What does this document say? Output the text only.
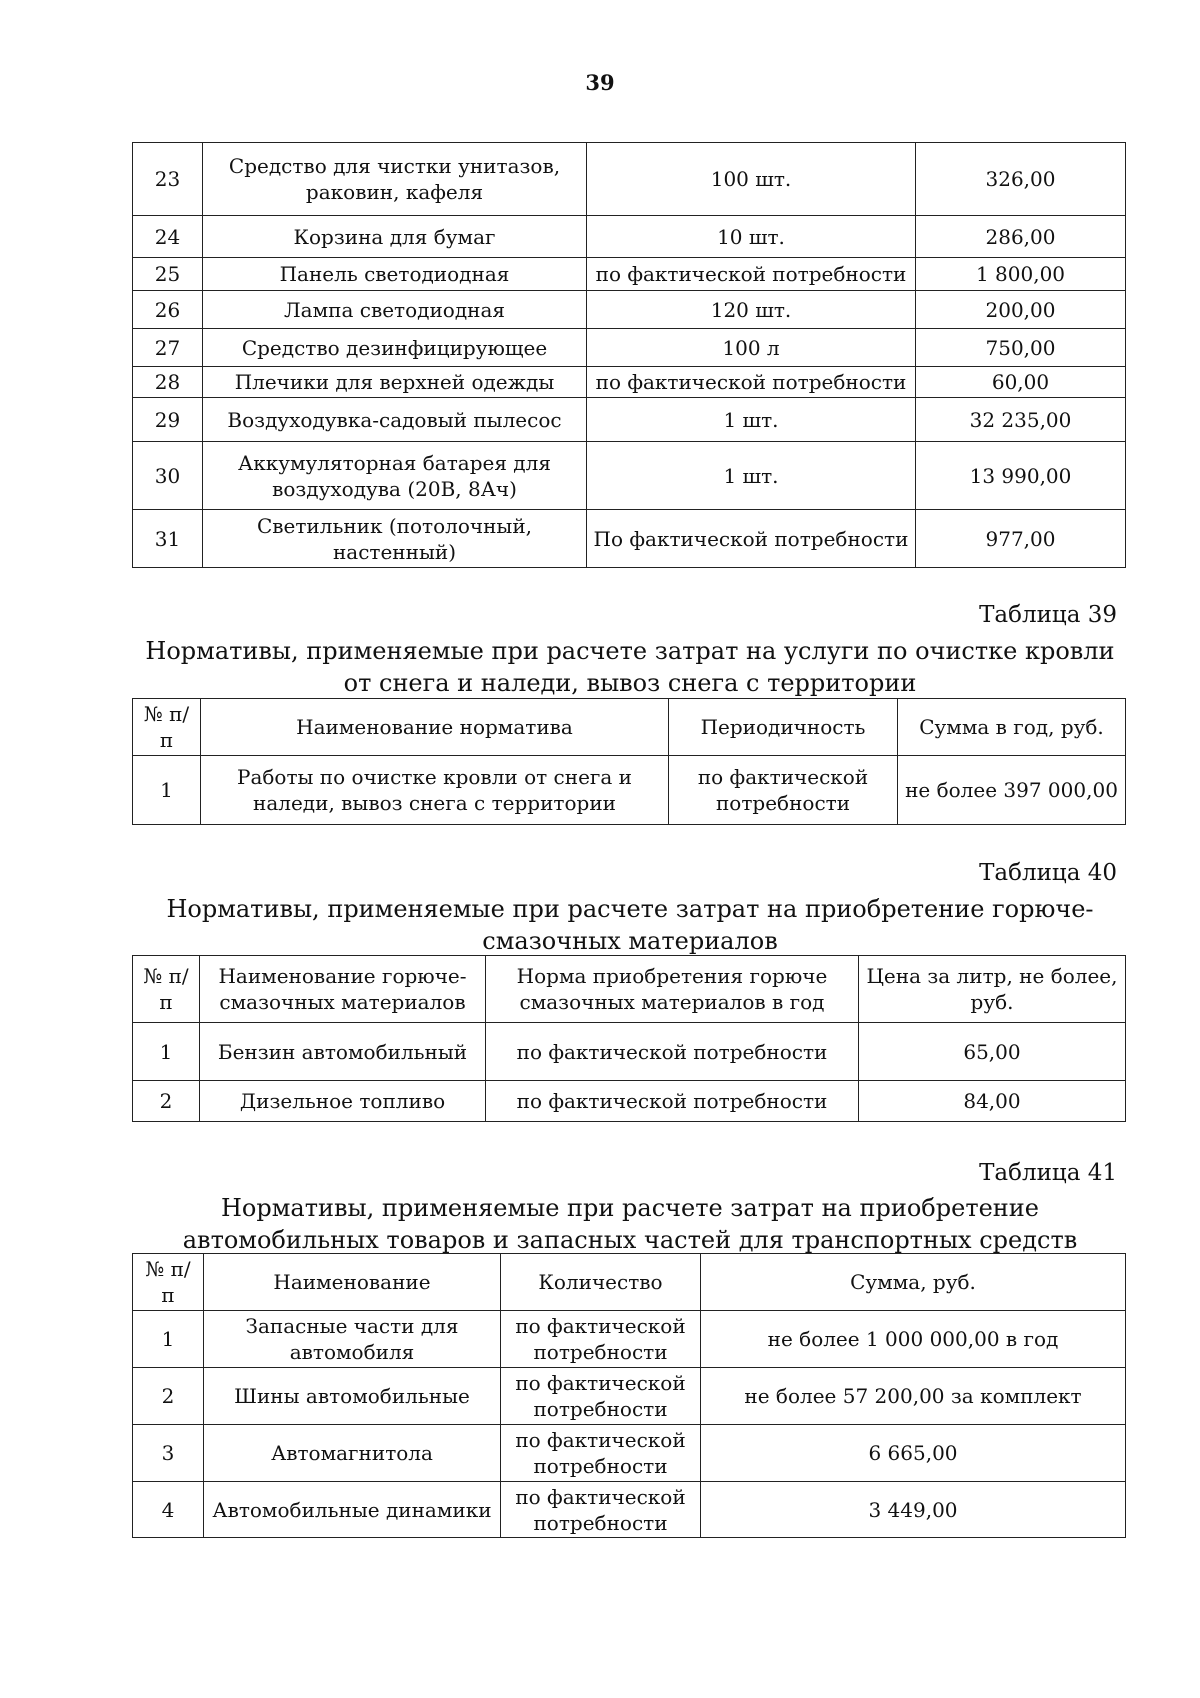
39
23	Средство для чистки унитазов, раковин, кафеля	100 шт.	326,00
24	Корзина для бумаг	10 шт.	286,00
25	Панель светодиодная	по фактической потребности	1 800,00
26	Лампа светодиодная	120 шт.	200,00
27	Средство дезинфицирующее	100 л	750,00
28	Плечики для верхней одежды	по фактической потребности	60,00
29	Воздуходувка-садовый пылесос	1 шт.	32 235,00
30	Аккумуляторная батарея для воздуходува (20В, 8Ач)	1 шт.	13 990,00
31	Светильник (потолочный, настенный)	По фактической потребности	977,00
Таблица 39
Нормативы, применяемые при расчете затрат на услуги по очистке кровли от снега и наледи, вывоз снега с территории
№ п/п	Наименование норматива	Периодичность	Сумма в год, руб.
1	Работы по очистке кровли от снега и наледи, вывоз снега с территории	по фактической потребности	не более 397 000,00
Таблица 40
Нормативы, применяемые при расчете затрат на приобретение горюче-смазочных материалов
№ п/п	Наименование горюче-смазочных материалов	Норма приобретения горюче смазочных материалов в год	Цена за литр, не более, руб.
1	Бензин автомобильный	по фактической потребности	65,00
2	Дизельное топливо	по фактической потребности	84,00
Таблица 41
Нормативы, применяемые при расчете затрат на приобретение автомобильных товаров и запасных частей для транспортных средств
№ п/п	Наименование	Количество	Сумма, руб.
1	Запасные части для автомобиля	по фактической потребности	не более 1 000 000,00 в год
2	Шины автомобильные	по фактической потребности	не более 57 200,00 за комплект
3	Автомагнитола	по фактической потребности	6 665,00
4	Автомобильные динамики	по фактической потребности	3 449,00
